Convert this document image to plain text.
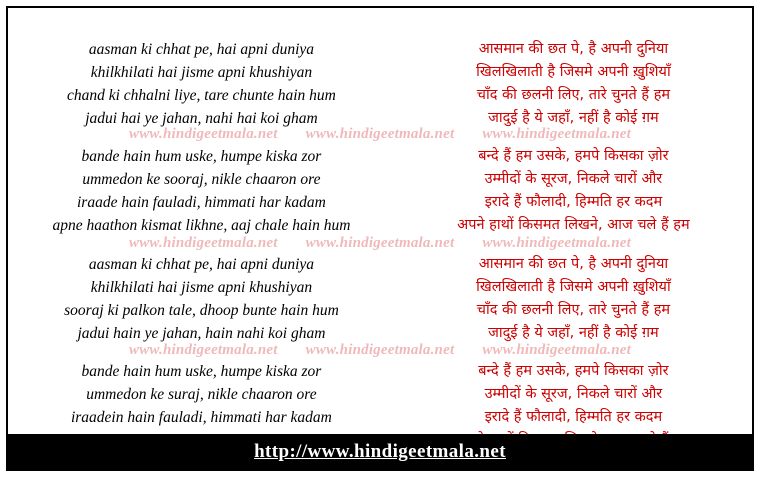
aasman ki chhat pe, hai apni duniya
khilkhilati hai jisme apni khushiyan
chand ki chhalni liye, tare chunte hain hum
jadui hai ye jahan, nahi hai koi gham
आसमान की छत पे, है अपनी दुनिया
खिलखिलाती है जिसमे अपनी ख़ुशियाँ
चाँद की छलनी लिए, तारे चुनते हैं हम
जादुई है ये जहाँ, नहीं है कोई ग़म
bande hain hum uske, humpe kiska zor
ummedon ke sooraj, nikle chaaron ore
iraade hain fauladi, himmati har kadam
apne haathon kismat likhne, aaj chale hain hum
बन्दे हैं हम उसके, हमपे किसका ज़ोर
उम्मीदों के सूरज, निकले चारों और
इरादे हैं फौलादी, हिम्मति हर कदम
अपने हाथों किसमत लिखने, आज चले हैं हम
aasman ki chhat pe, hai apni duniya
khilkhilati hai jisme apni khushiyan
sooraj ki palkon tale, dhoop bunte hain hum
jadui hain ye jahan, hain nahi koi gham
आसमान की छत पे, है अपनी दुनिया
खिलखिलाती है जिसमे अपनी ख़ुशियाँ
चाँद की छलनी लिए, तारे चुनते हैं हम
जादुई है ये जहाँ, नहीं है कोई ग़म
bande hain hum uske, humpe kiska zor
ummedon ke suraj, nikle chaaron ore
iraadein hain fauladi, himmati har kadam
बन्दे हैं हम उसके, हमपे किसका ज़ोर
उम्मीदों के सूरज, निकले चारों और
इरादे हैं फौलादी, हिम्मति हर कदम
www.hindigeetmala.net www.hindigeetmala.net www.hindigeetmala.net
www.hindigeetmala.net www.hindigeetmala.net www.hindigeetmala.net
www.hindigeetmala.net www.hindigeetmala.net www.hindigeetmala.net
http://www.hindigeetmala.net
